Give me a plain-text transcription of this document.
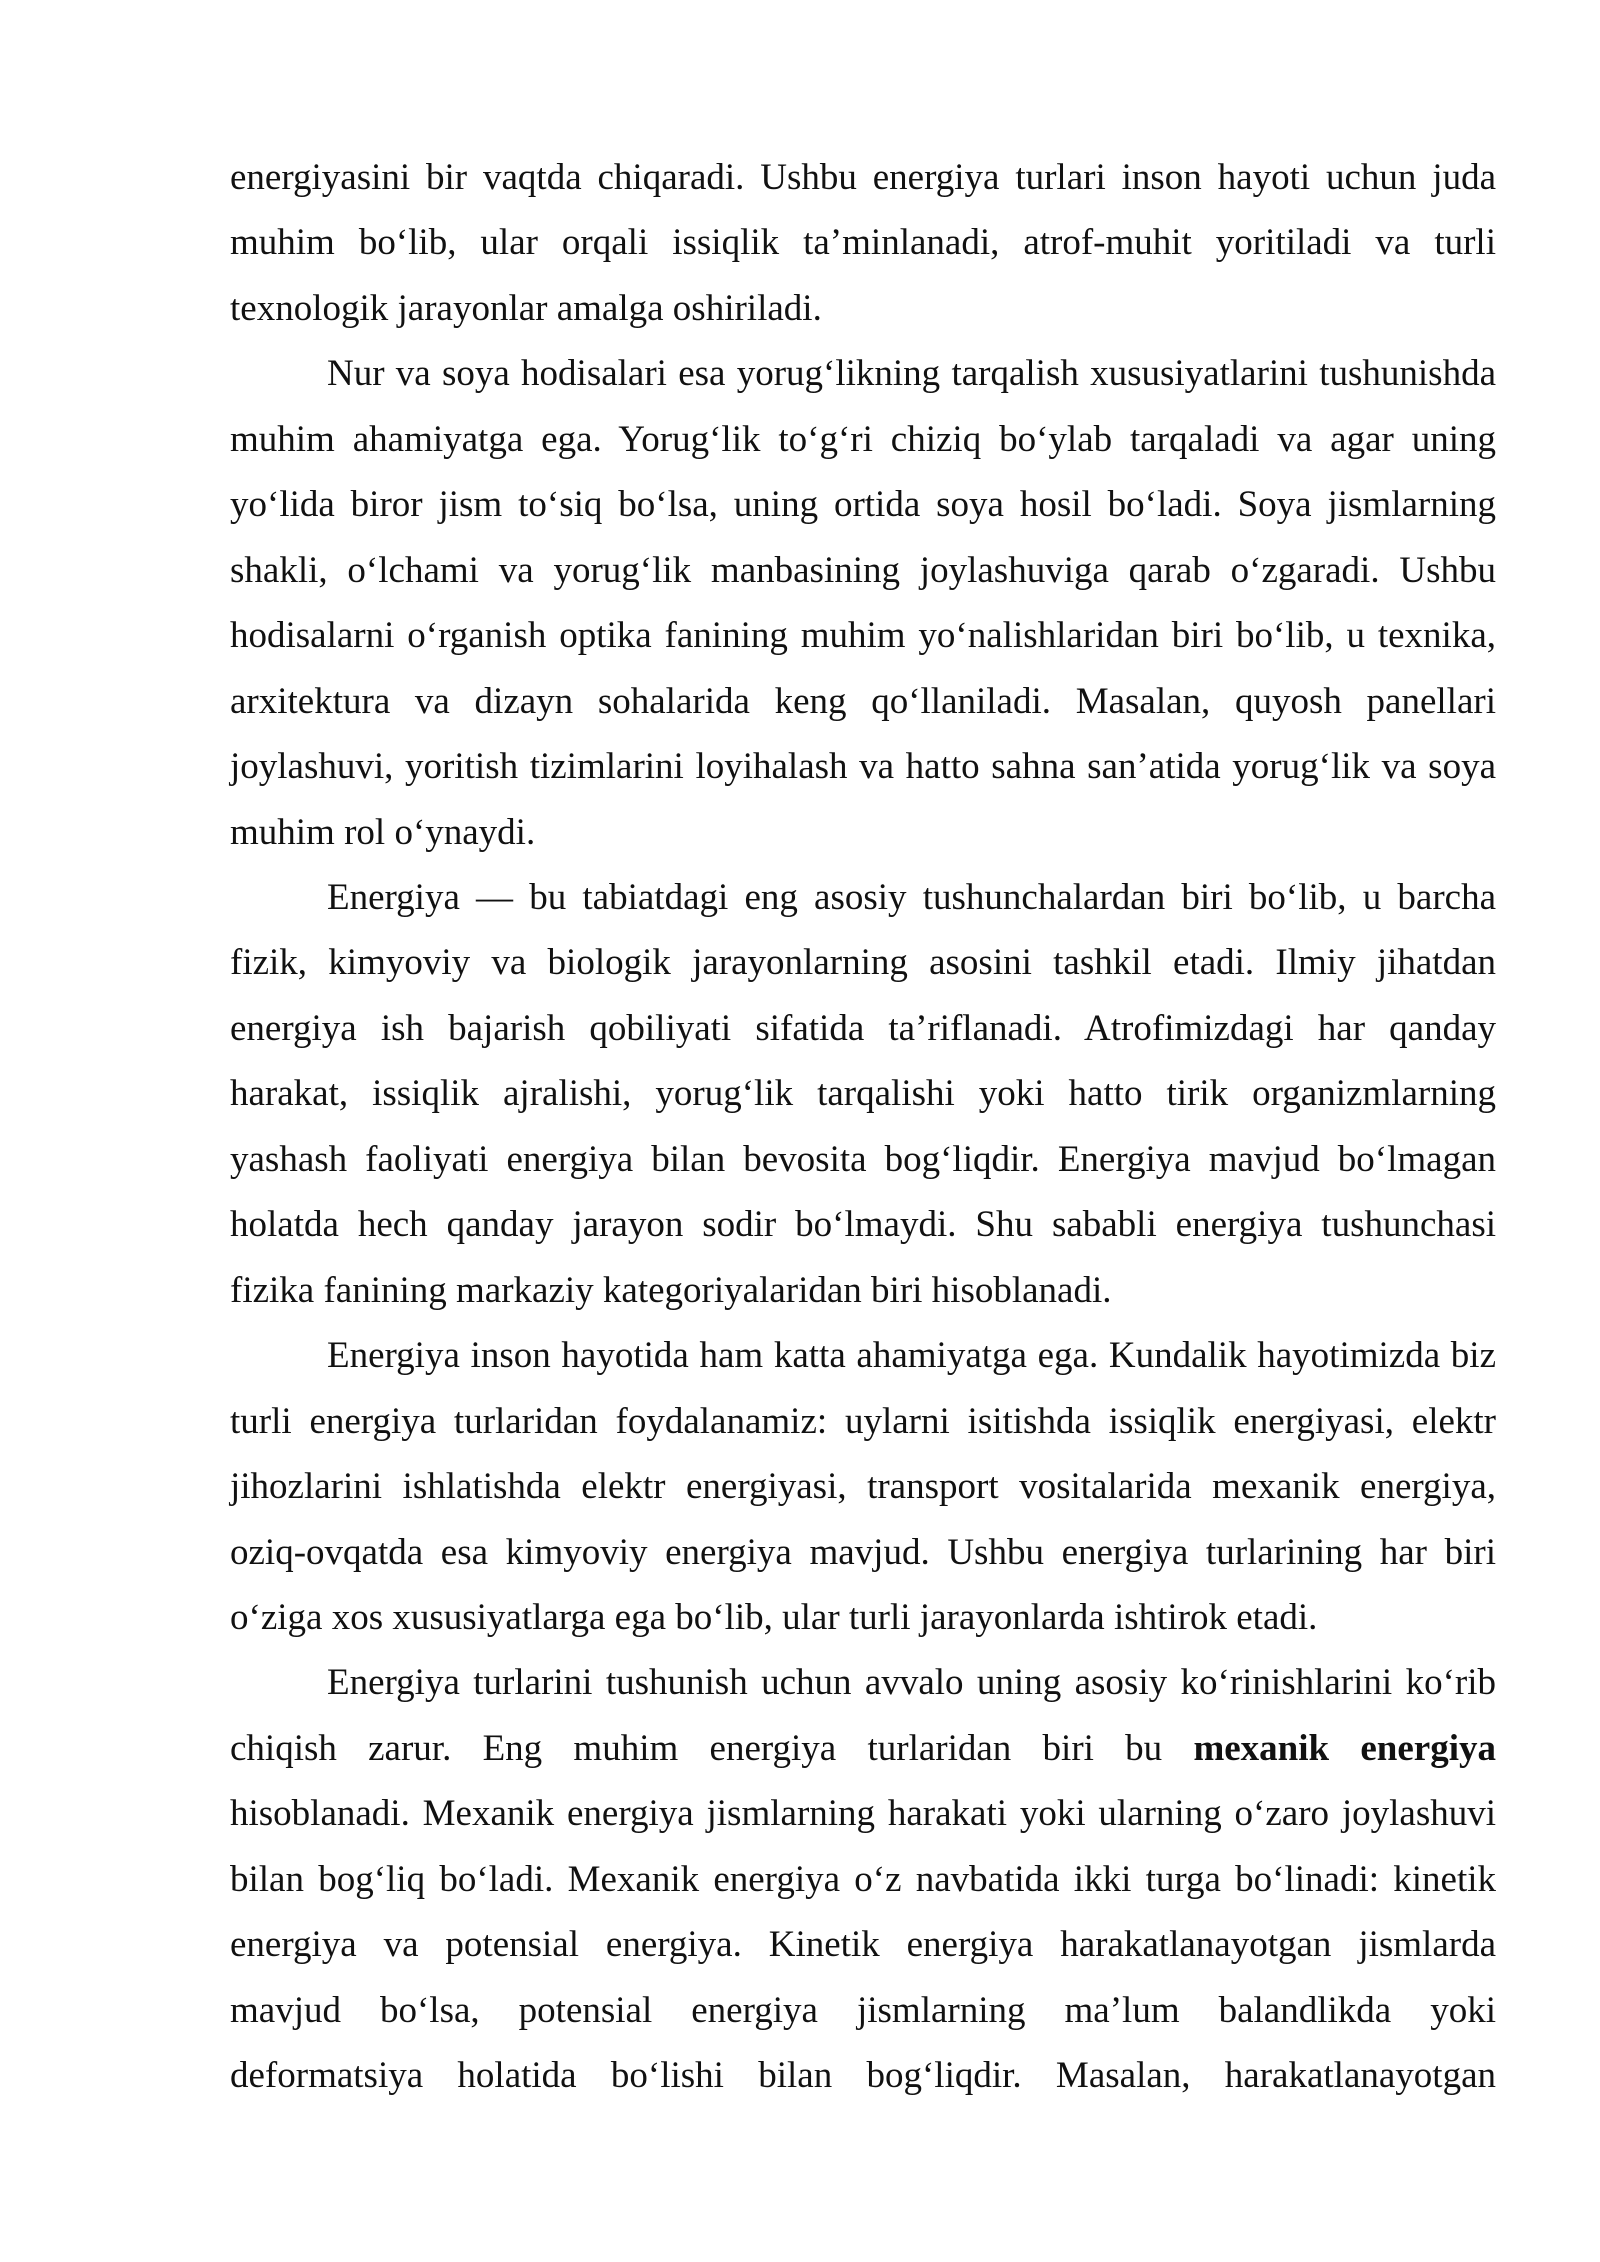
energiyasini bir vaqtda chiqaradi. Ushbu energiya turlari inson hayoti uchun juda
muhim bo‘lib, ular orqali issiqlik ta’minlanadi, atrof-muhit yoritiladi va turli
texnologik jarayonlar amalga oshiriladi.
Nur va soya hodisalari esa yorug‘likning tarqalish xususiyatlarini tushunishda
muhim ahamiyatga ega. Yorug‘lik to‘g‘ri chiziq bo‘ylab tarqaladi va agar uning
yo‘lida biror jism to‘siq bo‘lsa, uning ortida soya hosil bo‘ladi. Soya jismlarning
shakli, o‘lchami va yorug‘lik manbasining joylashuviga qarab o‘zgaradi. Ushbu
hodisalarni o‘rganish optika fanining muhim yo‘nalishlaridan biri bo‘lib, u texnika,
arxitektura va dizayn sohalarida keng qo‘llaniladi. Masalan, quyosh panellari
joylashuvi, yoritish tizimlarini loyihalash va hatto sahna san’atida yorug‘lik va soya
muhim rol o‘ynaydi.
Energiya — bu tabiatdagi eng asosiy tushunchalardan biri bo‘lib, u barcha
fizik, kimyoviy va biologik jarayonlarning asosini tashkil etadi. Ilmiy jihatdan
energiya ish bajarish qobiliyati sifatida ta’riflanadi. Atrofimizdagi har qanday
harakat, issiqlik ajralishi, yorug‘lik tarqalishi yoki hatto tirik organizmlarning
yashash faoliyati energiya bilan bevosita bog‘liqdir. Energiya mavjud bo‘lmagan
holatda hech qanday jarayon sodir bo‘lmaydi. Shu sababli energiya tushunchasi
fizika fanining markaziy kategoriyalaridan biri hisoblanadi.
Energiya inson hayotida ham katta ahamiyatga ega. Kundalik hayotimizda biz
turli energiya turlaridan foydalanamiz: uylarni isitishda issiqlik energiyasi, elektr
jihozlarini ishlatishda elektr energiyasi, transport vositalarida mexanik energiya,
oziq-ovqatda esa kimyoviy energiya mavjud. Ushbu energiya turlarining har biri
o‘ziga xos xususiyatlarga ega bo‘lib, ular turli jarayonlarda ishtirok etadi.
Energiya turlarini tushunish uchun avvalo uning asosiy ko‘rinishlarini ko‘rib
chiqish zarur. Eng muhim energiya turlaridan biri bu mexanik energiya
hisoblanadi. Mexanik energiya jismlarning harakati yoki ularning o‘zaro joylashuvi
bilan bog‘liq bo‘ladi. Mexanik energiya o‘z navbatida ikki turga bo‘linadi: kinetik
energiya va potensial energiya. Kinetik energiya harakatlanayotgan jismlarda
mavjud bo‘lsa, potensial energiya jismlarning ma’lum balandlikda yoki
deformatsiya holatida bo‘lishi bilan bog‘liqdir. Masalan, harakatlanayotgan
